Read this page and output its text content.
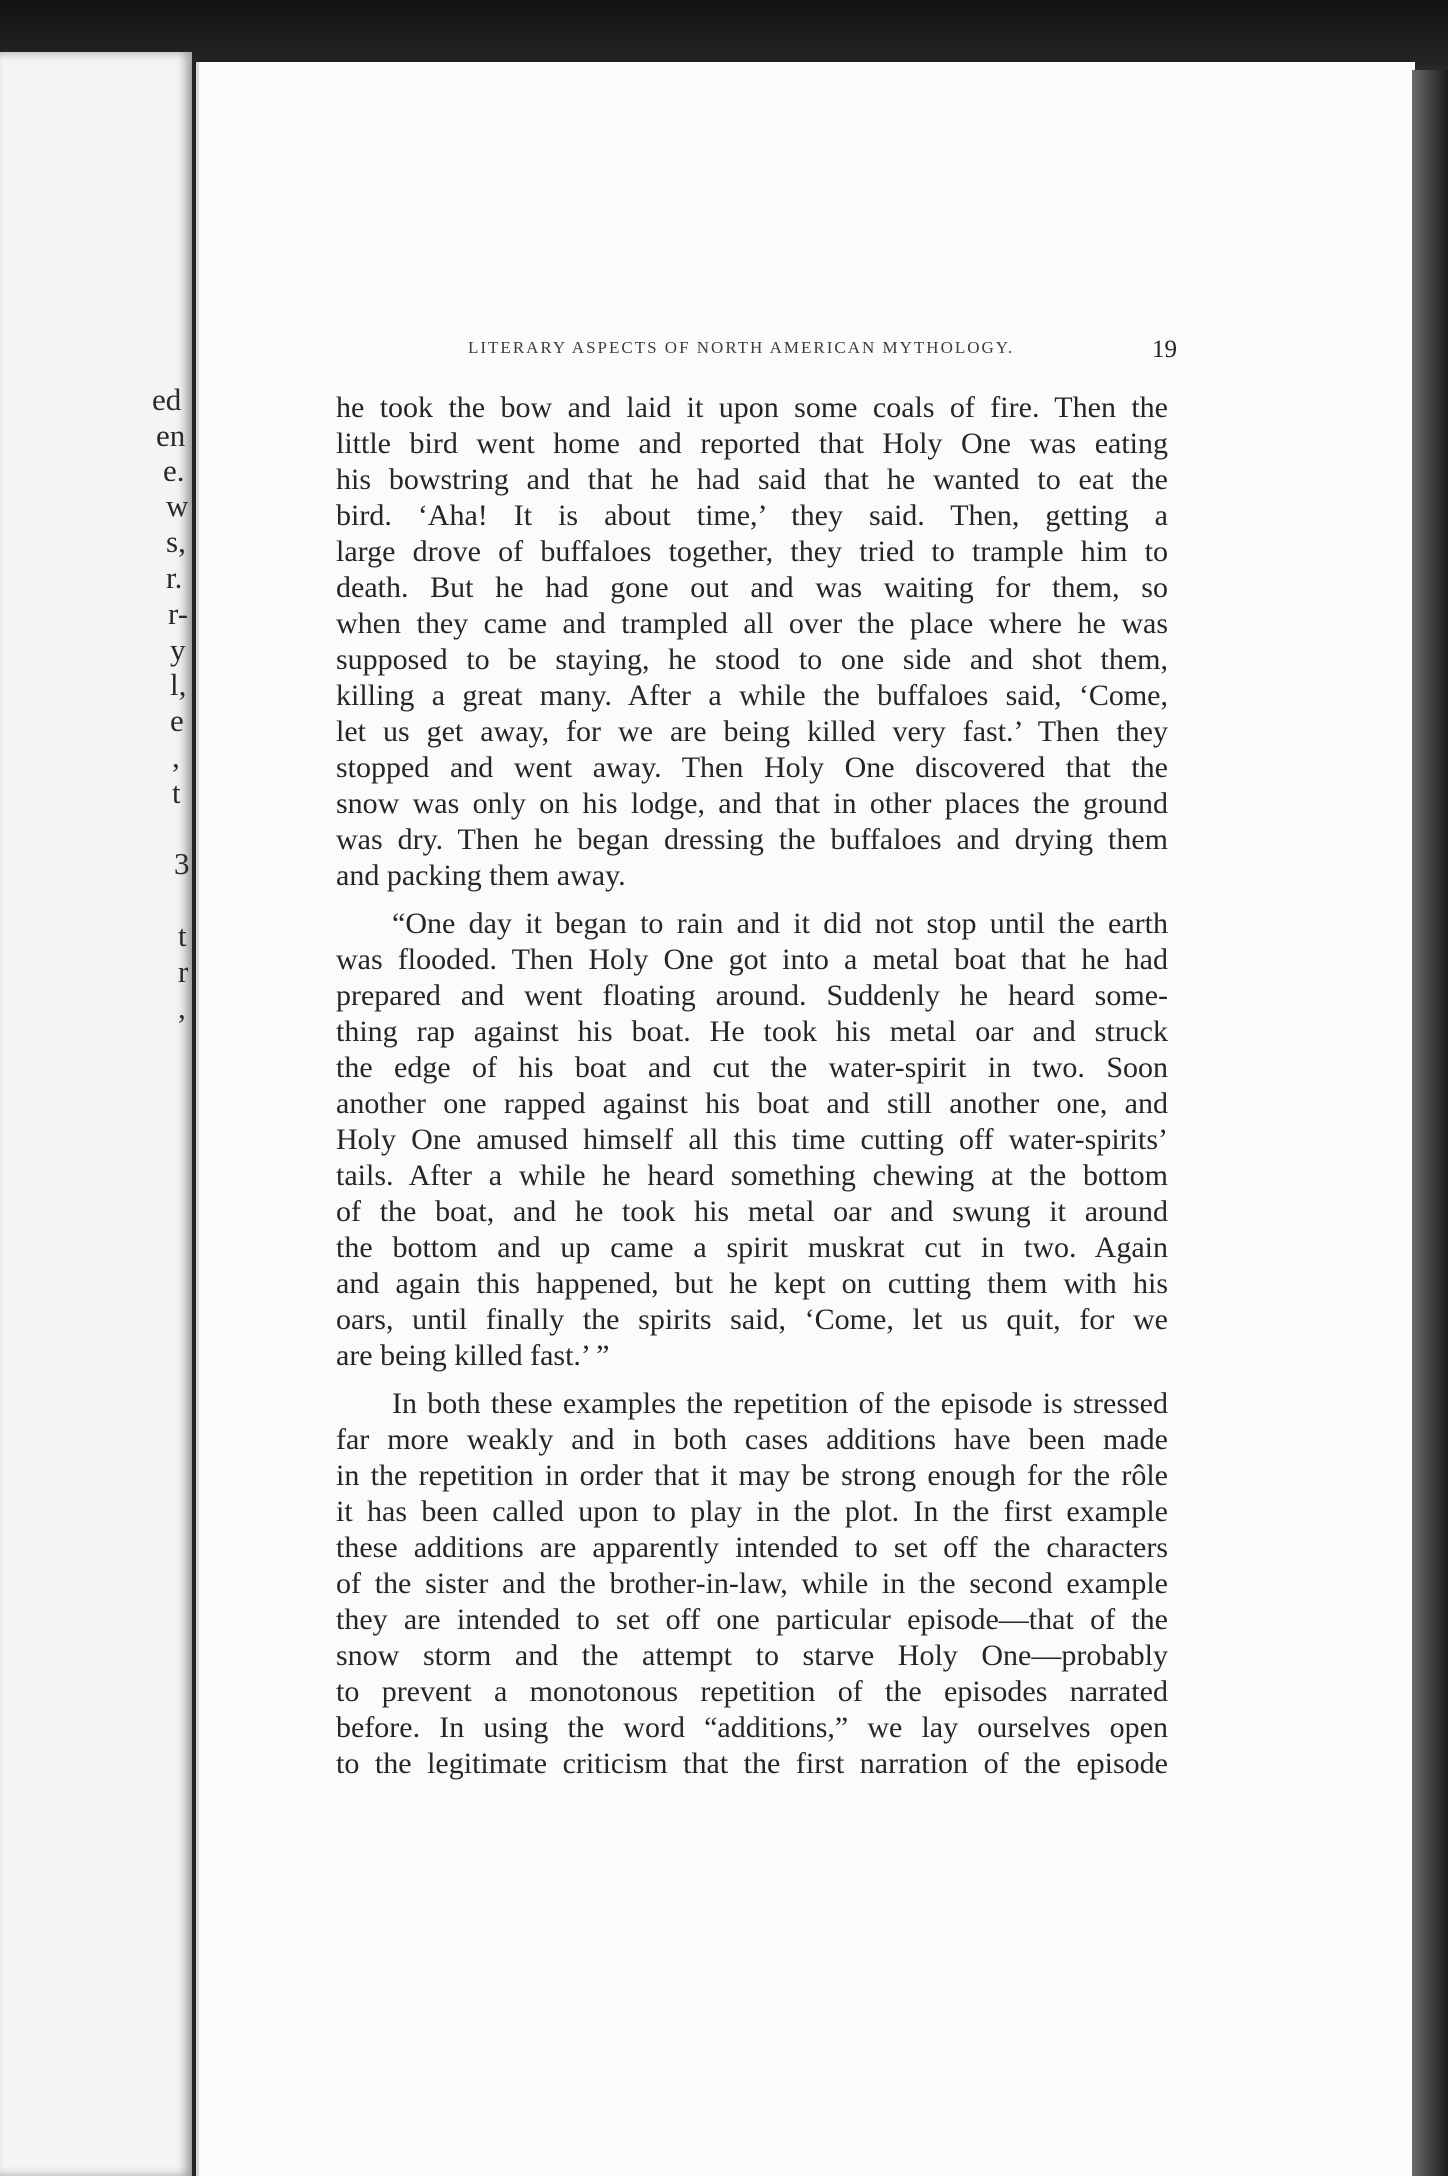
ed
en
e.
w
s,
r.
r-
y
l,
e
,
t
3
t
r
,
LITERARY ASPECTS OF NORTH AMERICAN MYTHOLOGY.	19
he took the bow and laid it upon some coals of fire. Then the
little bird went home and reported that Holy One was eating
his bowstring and that he had said that he wanted to eat the
bird. ‘Aha! It is about time,’ they said. Then, getting a
large drove of buffaloes together, they tried to trample him to
death. But he had gone out and was waiting for them, so
when they came and trampled all over the place where he was
supposed to be staying, he stood to one side and shot them,
killing a great many. After a while the buffaloes said, ‘Come,
let us get away, for we are being killed very fast.’ Then they
stopped and went away. Then Holy One discovered that the
snow was only on his lodge, and that in other places the ground
was dry. Then he began dressing the buffaloes and drying them
and packing them away.
“One day it began to rain and it did not stop until the earth
was flooded. Then Holy One got into a metal boat that he had
prepared and went floating around. Suddenly he heard some-
thing rap against his boat. He took his metal oar and struck
the edge of his boat and cut the water-spirit in two. Soon
another one rapped against his boat and still another one, and
Holy One amused himself all this time cutting off water-spirits’
tails. After a while he heard something chewing at the bottom
of the boat, and he took his metal oar and swung it around
the bottom and up came a spirit muskrat cut in two. Again
and again this happened, but he kept on cutting them with his
oars, until finally the spirits said, ‘Come, let us quit, for we
are being killed fast.’ ”
In both these examples the repetition of the episode is stressed
far more weakly and in both cases additions have been made
in the repetition in order that it may be strong enough for the rôle
it has been called upon to play in the plot. In the first example
these additions are apparently intended to set off the characters
of the sister and the brother-in-law, while in the second example
they are intended to set off one particular episode—that of the
snow storm and the attempt to starve Holy One—probably
to prevent a monotonous repetition of the episodes narrated
before. In using the word “additions,” we lay ourselves open
to the legitimate criticism that the first narration of the episode
